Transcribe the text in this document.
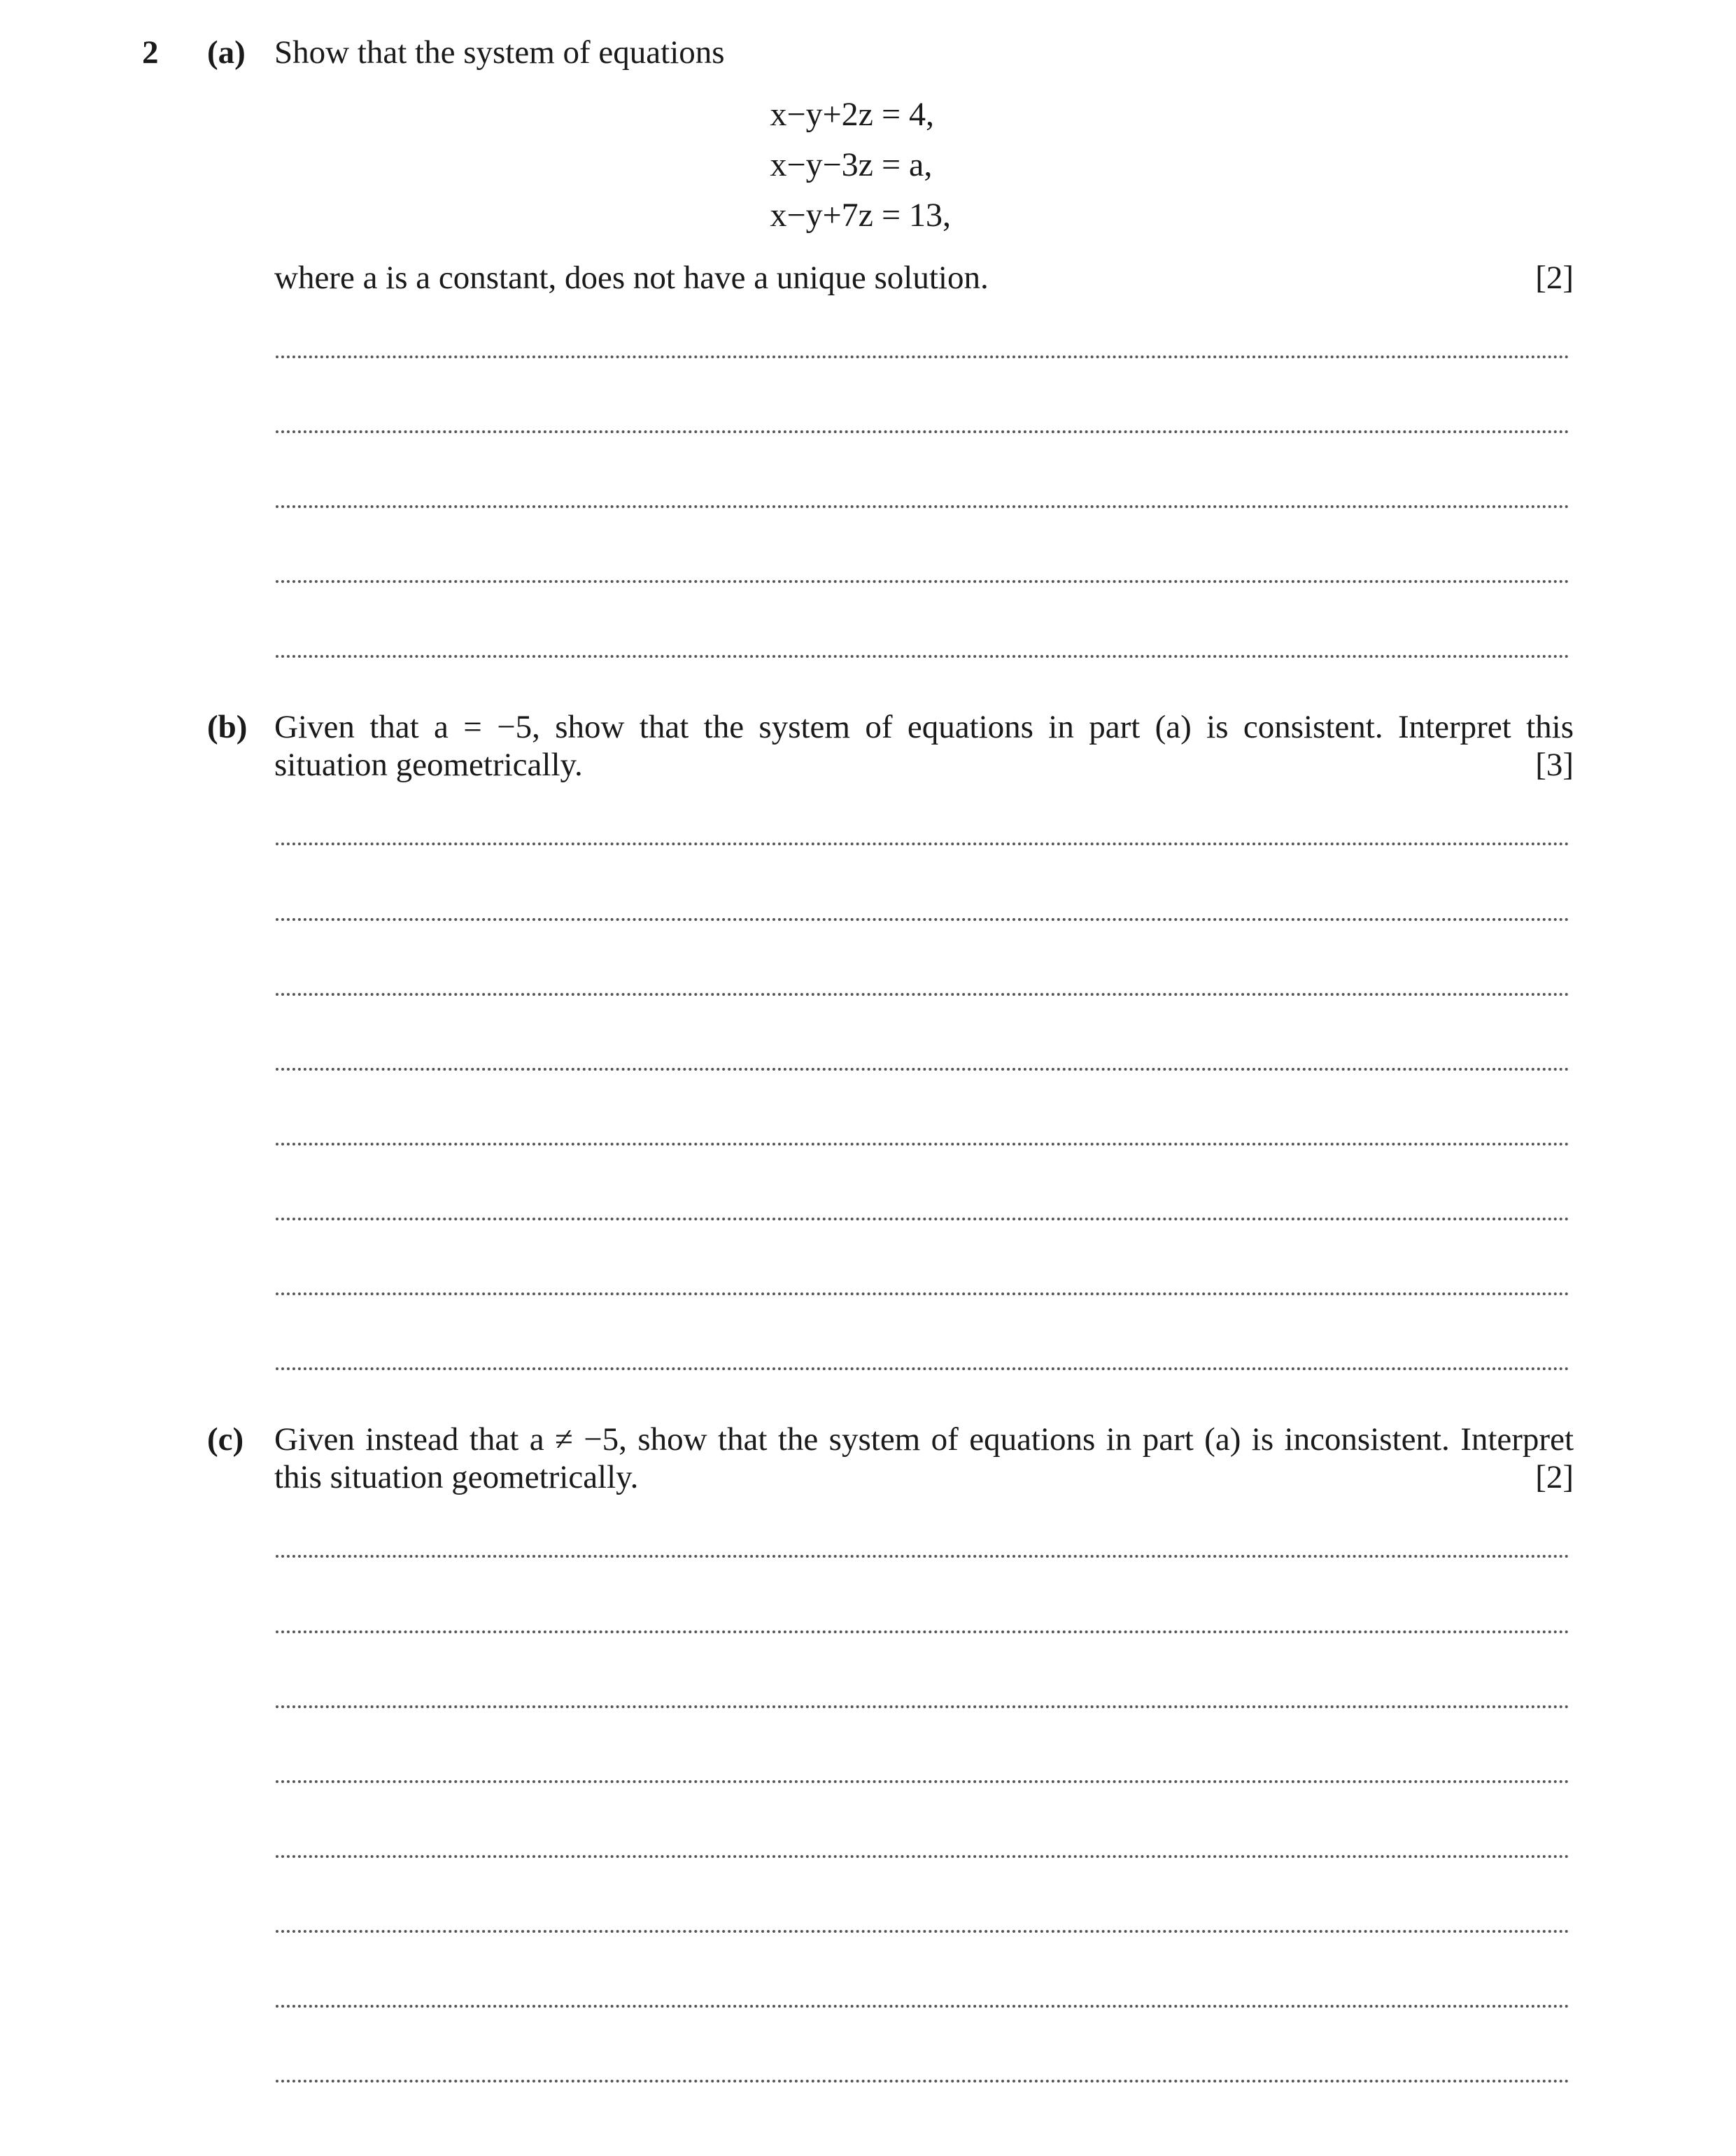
2 (a) Show that the system of equations
x−y+2z = 4,
x−y−3z = a,
x−y+7z = 13,
where a is a constant, does not have a unique solution.	[2]
(b) Given that a = −5, show that the system of equations in part (a) is consistent. Interpret this
situation geometrically.	[3]
(c) Given instead that a ≠ −5, show that the system of equations in part (a) is inconsistent. Interpret
this situation geometrically.	[2]
